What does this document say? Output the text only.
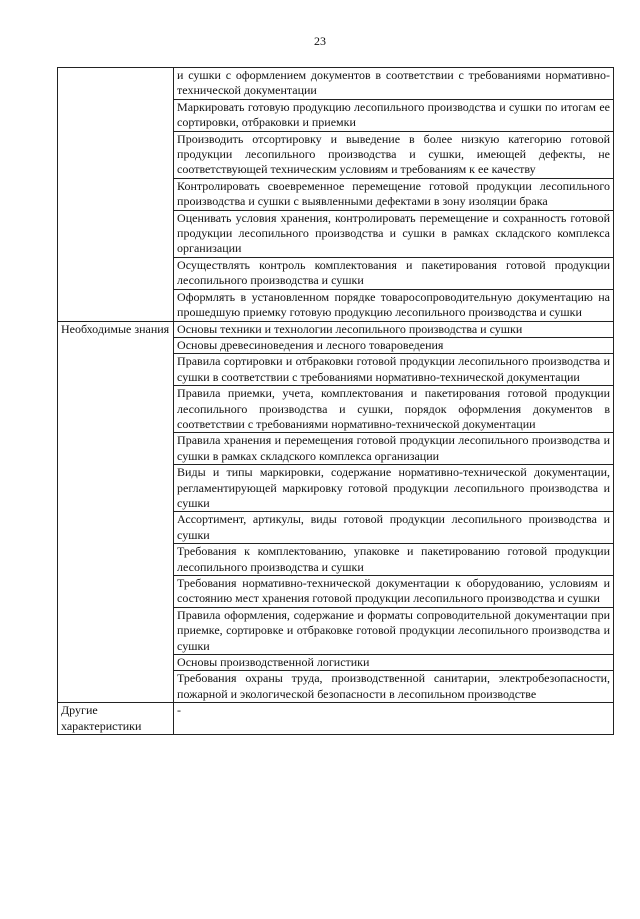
23
	и сушки с оформлением документов в соответствии с требованиями нормативно-технической документации
	Маркировать готовую продукцию лесопильного производства и сушки по итогам ее сортировки, отбраковки и приемки
	Производить отсортировку и выведение в более низкую категорию готовой продукции лесопильного производства и сушки, имеющей дефекты, не соответствующей техническим условиям и требованиям к ее качеству
	Контролировать своевременное перемещение готовой продукции лесопильного производства и сушки с выявленными дефектами в зону изоляции брака
	Оценивать условия хранения, контролировать перемещение и сохранность готовой продукции лесопильного производства и сушки в рамках складского комплекса организации
	Осуществлять контроль комплектования и пакетирования готовой продукции лесопильного производства и сушки
	Оформлять в установленном порядке товаросопроводительную документацию на прошедшую приемку готовую продукцию лесопильного производства и сушки
Необходимые знания	Основы техники и технологии лесопильного производства и сушки
	Основы древесиноведения и лесного товароведения
	Правила сортировки и отбраковки готовой продукции лесопильного производства и сушки в соответствии с требованиями нормативно-технической документации
	Правила приемки, учета, комплектования и пакетирования готовой продукции лесопильного производства и сушки, порядок оформления документов в соответствии с требованиями нормативно-технической документации
	Правила хранения и перемещения готовой продукции лесопильного производства и сушки в рамках складского комплекса организации
	Виды и типы маркировки, содержание нормативно-технической документации, регламентирующей маркировку готовой продукции лесопильного производства и сушки
	Ассортимент, артикулы, виды готовой продукции лесопильного производства и сушки
	Требования к комплектованию, упаковке и пакетированию готовой продукции лесопильного производства и сушки
	Требования нормативно-технической документации к оборудованию, условиям и состоянию мест хранения готовой продукции лесопильного производства и сушки
	Правила оформления, содержание и форматы сопроводительной документации при приемке, сортировке и отбраковке готовой продукции лесопильного производства и сушки
	Основы производственной логистики
	Требования охраны труда, производственной санитарии, электробезопасности, пожарной и экологической безопасности в лесопильном производстве
Другие характеристики	-
